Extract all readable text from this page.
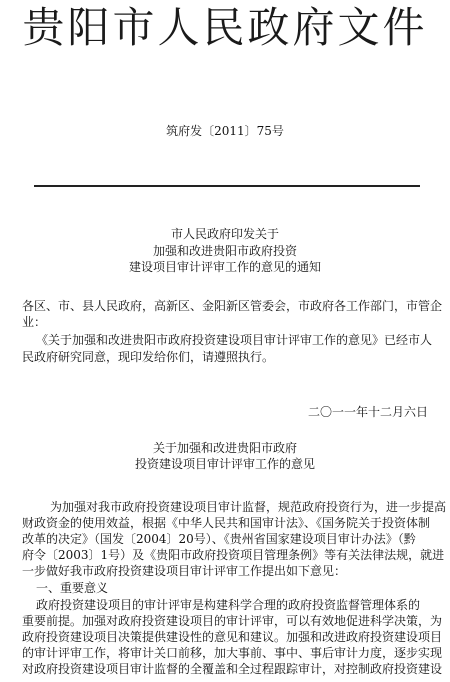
贵阳市人民政府文件
筑府发〔2011〕75号
市人民政府印发关于
加强和改进贵阳市政府投资
建设项目审计评审工作的意见的通知
各区、市、县人民政府，高新区、金阳新区管委会，市政府各工作部门，市管企
业：
《关于加强和改进贵阳市政府投资建设项目审计评审工作的意见》已经市人
民政府研究同意，现印发给你们，请遵照执行。
二〇一一年十二月六日
关于加强和改进贵阳市政府
投资建设项目审计评审工作的意见
为加强对我市政府投资建设项目审计监督，规范政府投资行为，进一步提高
财政资金的使用效益，根据《中华人民共和国审计法》、《国务院关于投资体制
改革的决定》（国发〔2004〕20号）、《贵州省国家建设项目审计办法》（黔
府令〔2003〕1号）及《贵阳市政府投资项目管理条例》等有关法律法规，就进
一步做好我市政府投资建设项目审计评审工作提出如下意见：
一、重要意义
政府投资建设项目的审计评审是构建科学合理的政府投资监督管理体系的
重要前提。加强对政府投资建设项目的审计评审，可以有效地促进科学决策，为
政府投资建设项目决策提供建设性的意见和建议。加强和改进政府投资建设项目
的审计评审工作，将审计关口前移，加大事前、事中、事后审计力度，逐步实现
对政府投资建设项目审计监督的全覆盖和全过程跟踪审计，对控制政府投资建设
